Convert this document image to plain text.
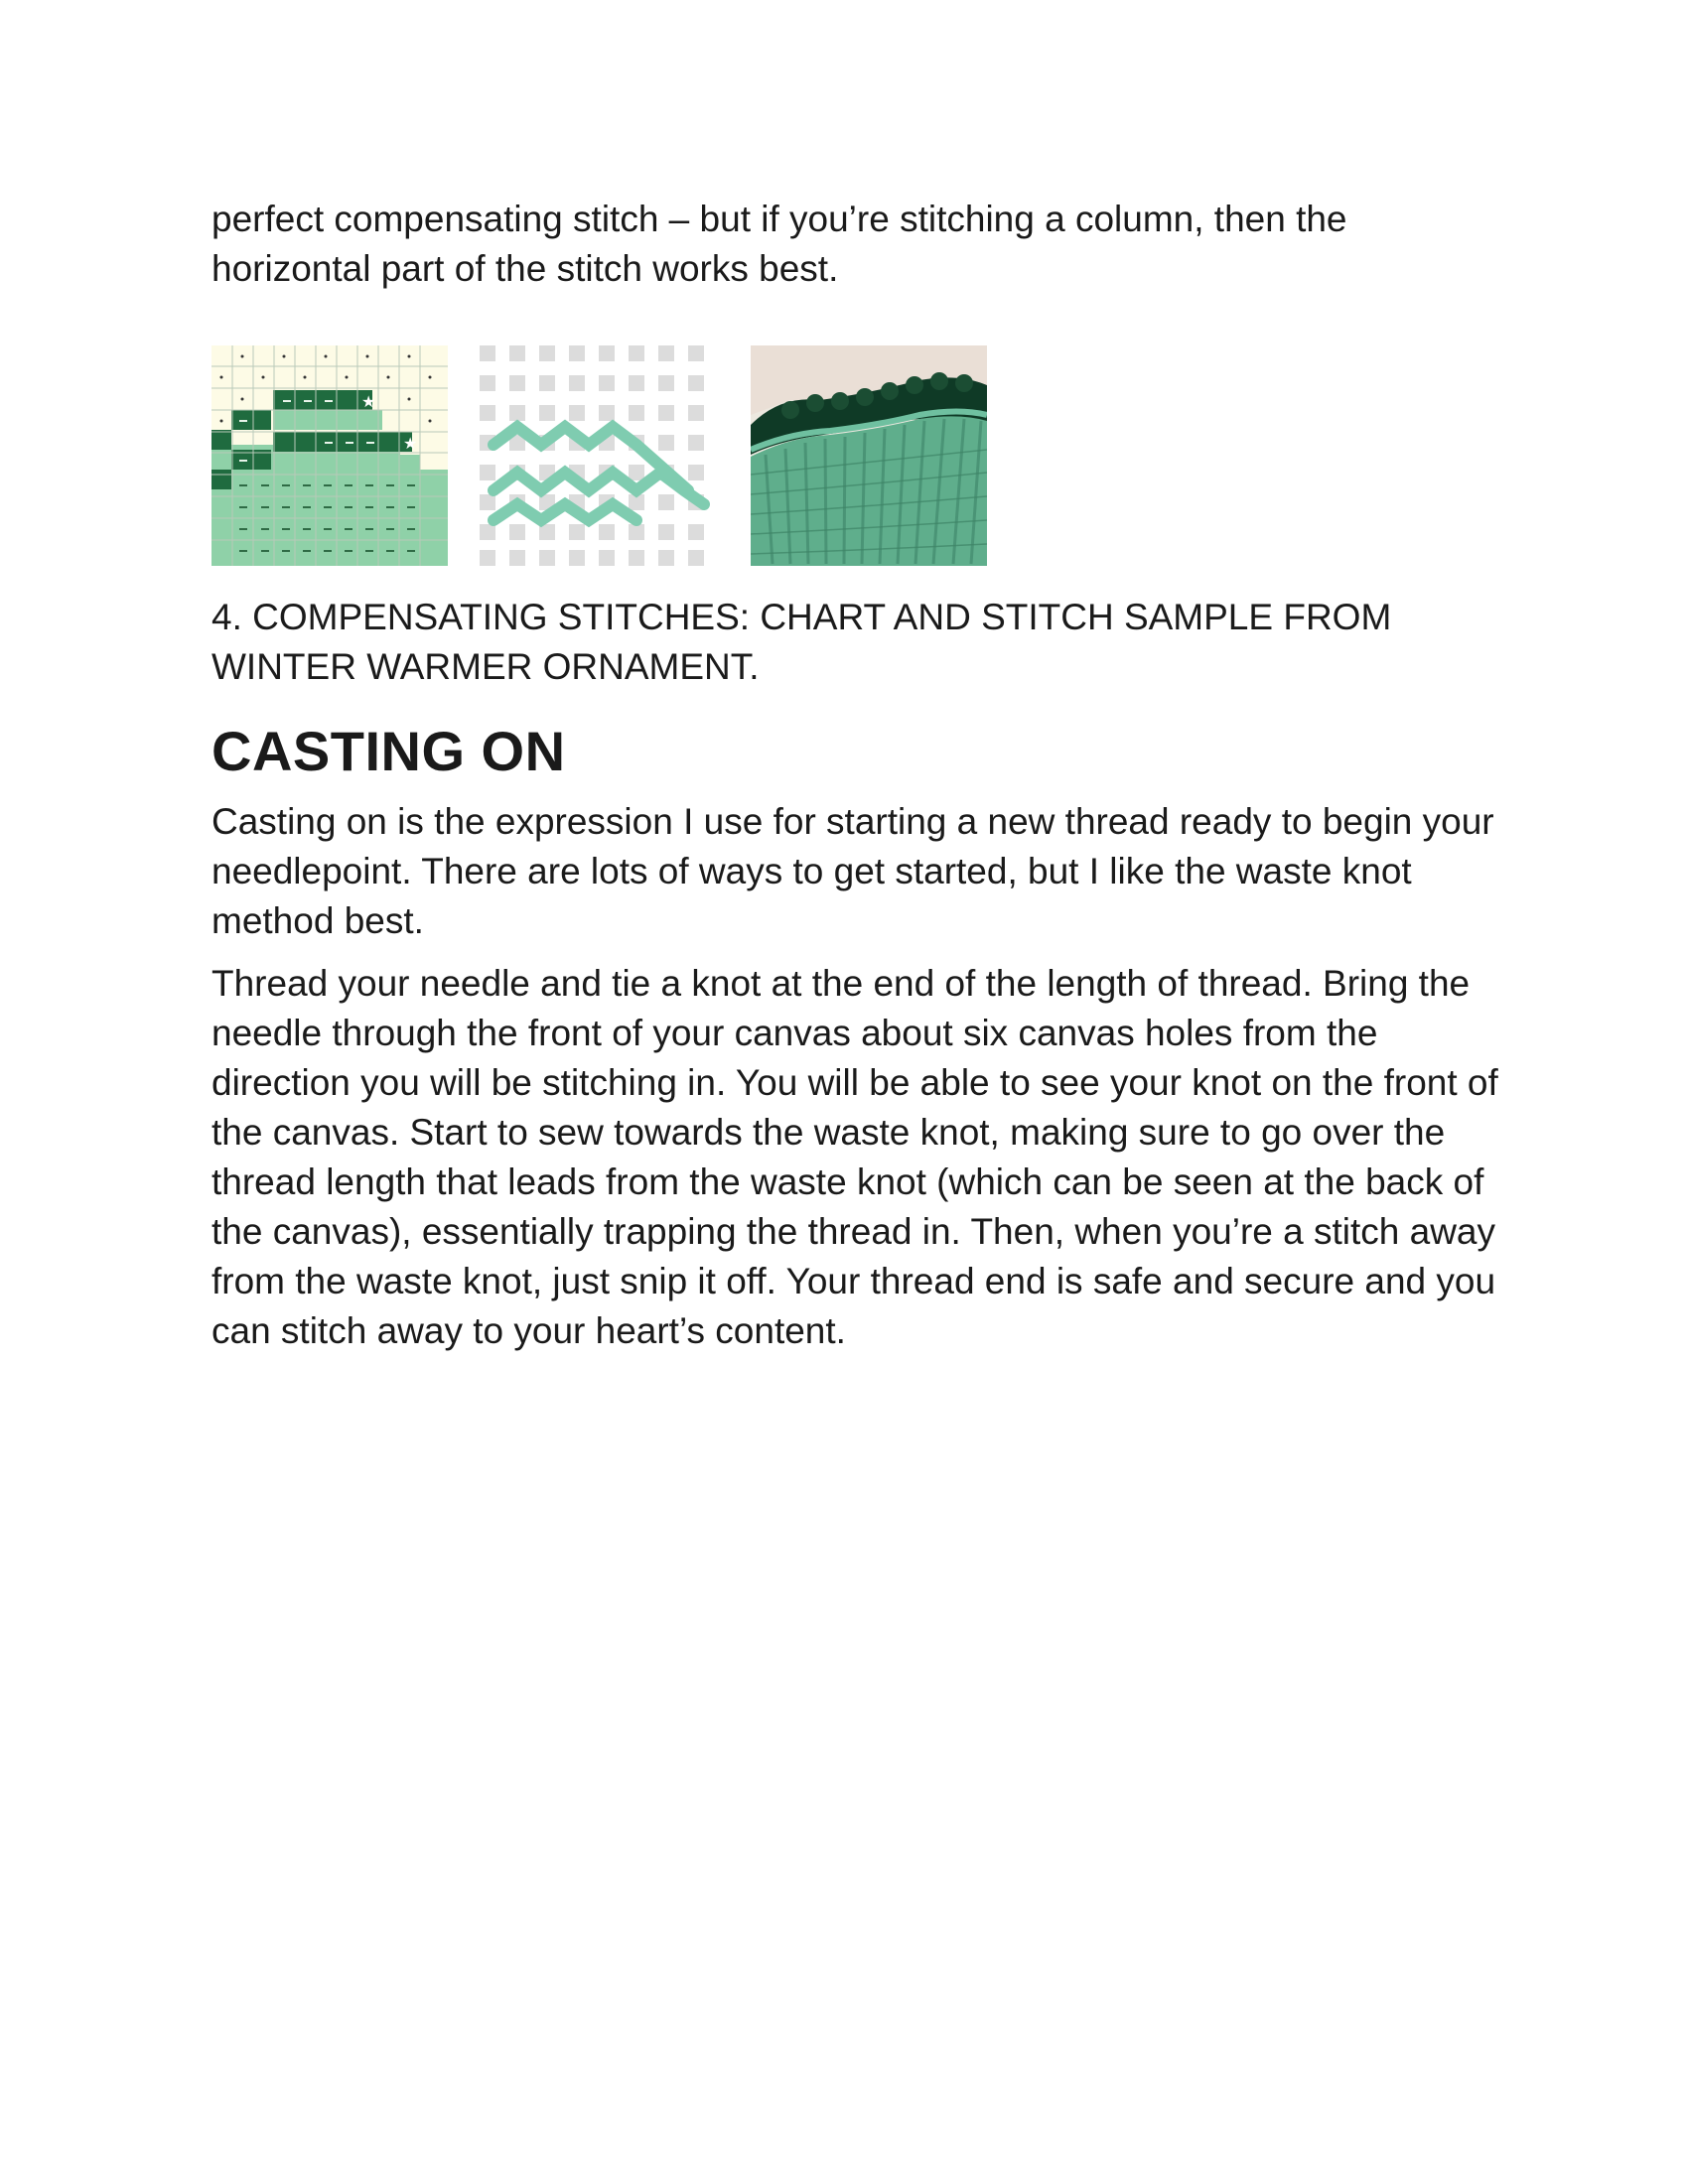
perfect compensating stitch – but if you’re stitching a column, then the horizontal part of the stitch works best.

★
★

4. COMPENSATING STITCHES: CHART AND STITCH SAMPLE FROM WINTER WARMER ORNAMENT.

CASTING ON

Casting on is the expression I use for starting a new thread ready to begin your needlepoint. There are lots of ways to get started, but I like the waste knot method best.

Thread your needle and tie a knot at the end of the length of thread. Bring the needle through the front of your canvas about six canvas holes from the direction you will be stitching in. You will be able to see your knot on the front of the canvas. Start to sew towards the waste knot, making sure to go over the thread length that leads from the waste knot (which can be seen at the back of the canvas), essentially trapping the thread in. Then, when you’re a stitch away from the waste knot, just snip it off. Your thread end is safe and secure and you can stitch away to your heart’s content.
